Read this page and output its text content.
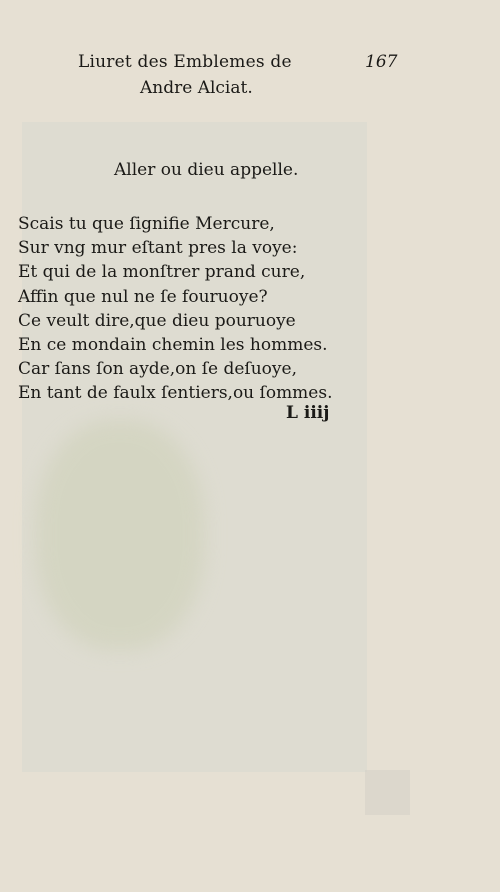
Liuret des Emblemes de
Andre Alciat.
167
Aller ou dieu appelle.
Scais tu que ſignifie Mercure,
Sur vng mur eſtant pres la voye:
Et qui de la monſtrer prand cure,
Affin que nul ne ſe fouruoye?
Ce veult dire,que dieu pouruoye
En ce mondain chemin les hommes.
Car ſans ſon ayde,on ſe deſuoye,
En tant de faulx ſentiers,ou ſommes.
L iiij
